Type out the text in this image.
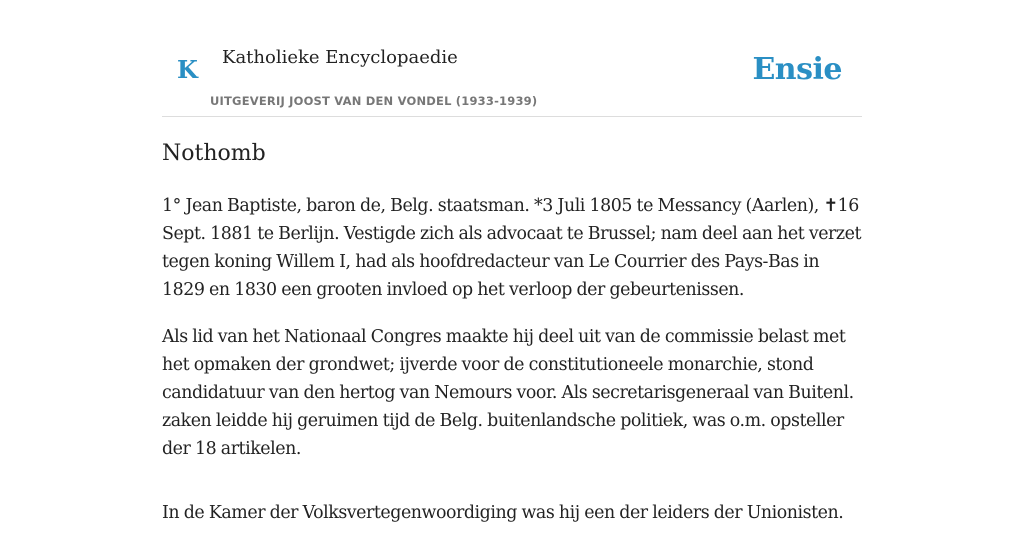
K Katholieke Encyclopaedie
UITGEVERIJ JOOST VAN DEN VONDEL (1933-1939)
Ensie
Nothomb

1° Jean Baptiste, baron de, Belg. staatsman. *3 Juli 1805 te Messancy (Aarlen), ✝16 Sept. 1881 te Berlijn. Vestigde zich als advocaat te Brussel; nam deel aan het verzet tegen koning Willem I, had als hoofdredacteur van Le Courrier des Pays-Bas in 1829 en 1830 een grooten invloed op het verloop der gebeurtenissen.

Als lid van het Nationaal Congres maakte hij deel uit van de commissie belast met het opmaken der grondwet; ijverde voor de constitutioneele monarchie, stond candidatuur van den hertog van Nemours voor. Als secretarisgeneraal van Buitenl. zaken leidde hij geruimen tijd de Belg. buitenlandsche politiek, was o.m. opsteller der 18 artikelen.

In de Kamer der Volksvertegenwoordiging was hij een der leiders der Unionisten.
